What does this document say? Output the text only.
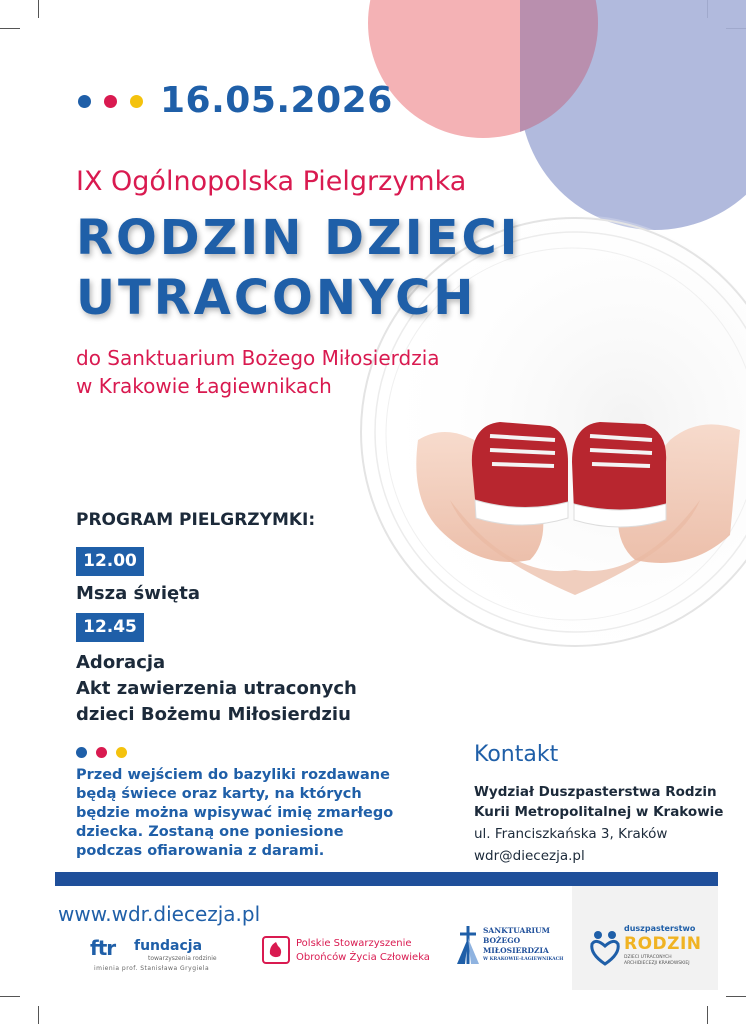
16.05.2026
IX Ogólnopolska Pielgrzymka
RODZIN DZIECI
UTRACONYCH
do Sanktuarium Bożego Miłosierdzia
w Krakowie Łagiewnikach
PROGRAM PIELGRZYMKI:
12.00
Msza święta
12.45
Adoracja
Akt zawierzenia utraconych
dzieci Bożemu Miłosierdziu
Przed wejściem do bazyliki rozdawane będą świece oraz karty, na których będzie można wpisywać imię zmarłego dziecka. Zostaną one poniesione podczas ofiarowania z darami.
Kontakt
Wydział Duszpasterstwa Rodzin
Kurii Metropolitalnej w Krakowie
ul. Franciszkańska 3, Kraków
wdr@diecezja.pl
www.wdr.diecezja.pl
ftr fundacja
towarzyszenia rodzinie
imienia prof. Stanisława Grygiela
Polskie Stowarzyszenie
Obrońców Życia Człowieka
SANKTUARIUM
BOŻEGO
MIŁOSIERDZIA
W KRAKOWIE-ŁAGIEWNIKACH
duszpasterstwo
RODZIN
DZIECI UTRACONYCH
ARCHIDIECEZJI KRAKOWSKIEJ
